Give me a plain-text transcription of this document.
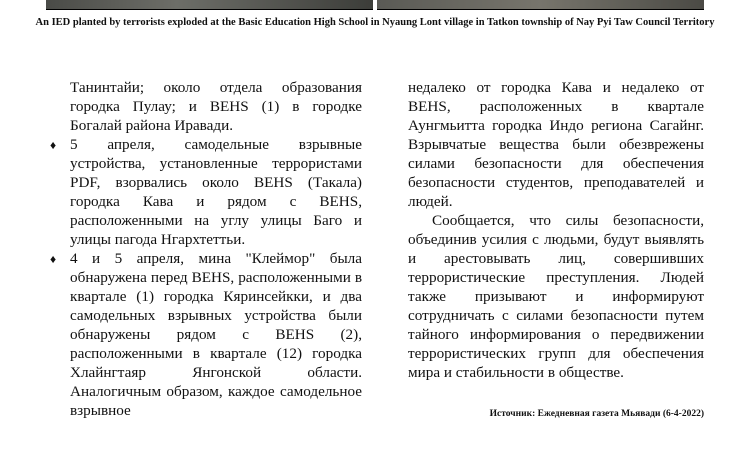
An IED planted by terrorists exploded at the Basic Education High School in Nyaung Lont village in Tatkon township of Nay Pyi Taw Council Territory

Танинтайи; около отдела образования городка Пулау; и BEHS (1) в городке Богалай района Иравади.

♦ 5 апреля, самодельные взрывные устройства, установленные террористами PDF, взорвались около BEHS (Такала) городка Кава и рядом с BEHS, расположенными на углу улицы Баго и улицы пагода Нгархтеттьи.
♦ 4 и 5 апреля, мина "Клеймор" была обнаружена перед BEHS, расположенными в квартале (1) городка Кяринсейкки, и два самодельных взрывных устройства были обнаружены рядом с BEHS (2), расположенными в квартале (12) городка Хлайнгтаяр Янгонской области. Аналогичным образом, каждое самодельное взрывное

недалеко от городка Кава и недалеко от BEHS, расположенных в квартале Аунгмьитта городка Индо региона Сагайнг. Взрывчатые вещества были обезврежены силами безопасности для обеспечения безопасности студентов, преподавателей и людей.

Сообщается, что силы безопасности, объединив усилия с людьми, будут выявлять и арестовывать лиц, совершивших террористические преступления. Людей также призывают и информируют сотрудничать с силами безопасности путем тайного информирования о передвижении террористических групп для обеспечения мира и стабильности в обществе.

Источник: Ежедневная газета Мьявади (6-4-2022)
